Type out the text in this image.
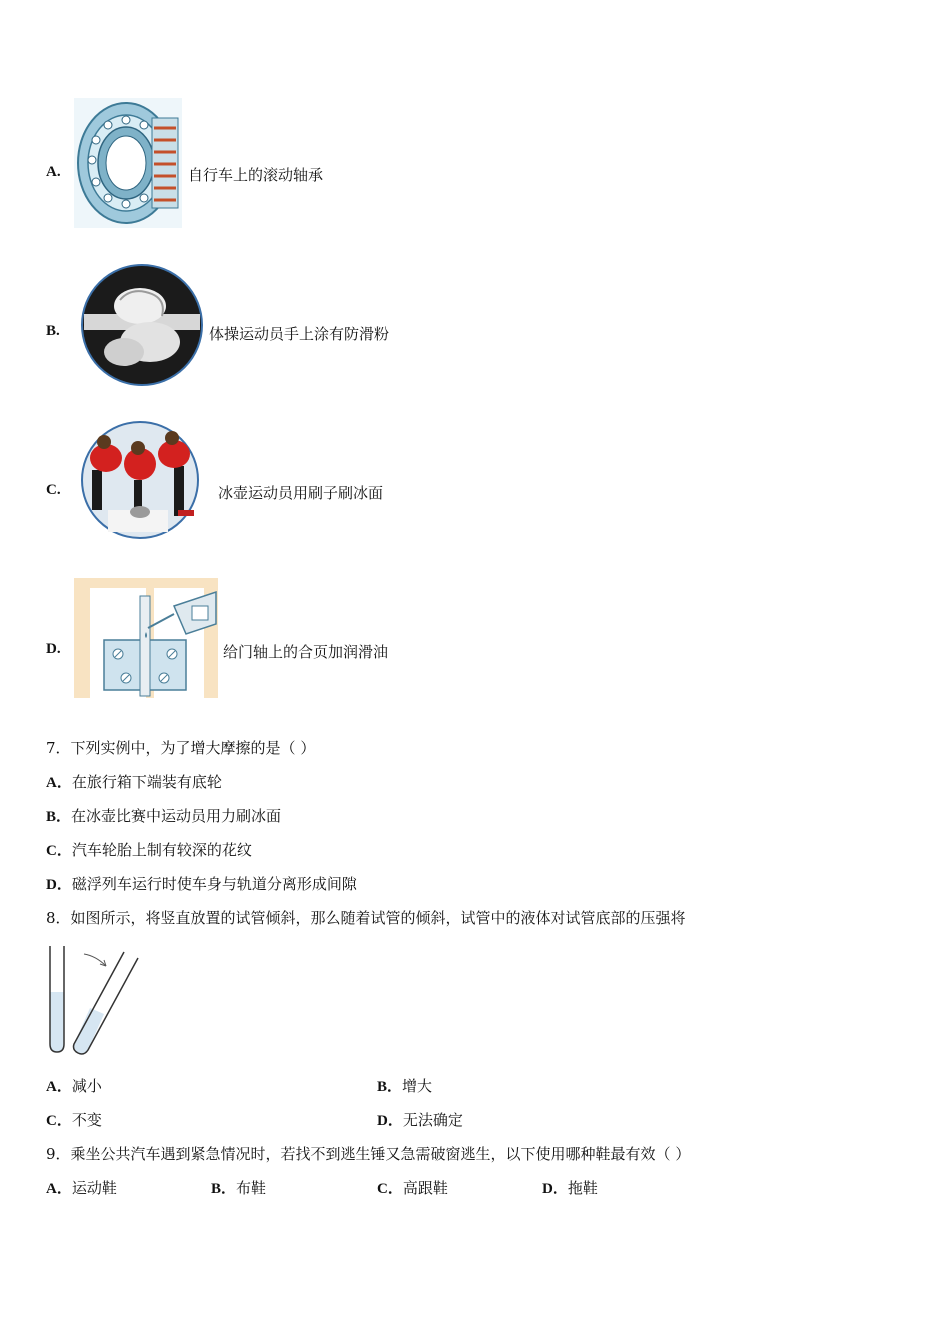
A.	自行车上的滚动轴承
B.	体操运动员手上涂有防滑粉
C.	冰壶运动员用刷子刷冰面
D.	给门轴上的合页加润滑油
7．下列实例中，为了增大摩擦的是（ ）
A．在旅行箱下端装有底轮
B．在冰壶比赛中运动员用力刷冰面
C．汽车轮胎上制有较深的花纹
D．磁浮列车运行时使车身与轨道分离形成间隙
8．如图所示，将竖直放置的试管倾斜，那么随着试管的倾斜，试管中的液体对试管底部的压强将
A．减小	B．增大
C．不变	D．无法确定
9．乘坐公共汽车遇到紧急情况时，若找不到逃生锤又急需破窗逃生，以下使用哪种鞋最有效（ ）
A．运动鞋	B．布鞋	C．高跟鞋	D．拖鞋
